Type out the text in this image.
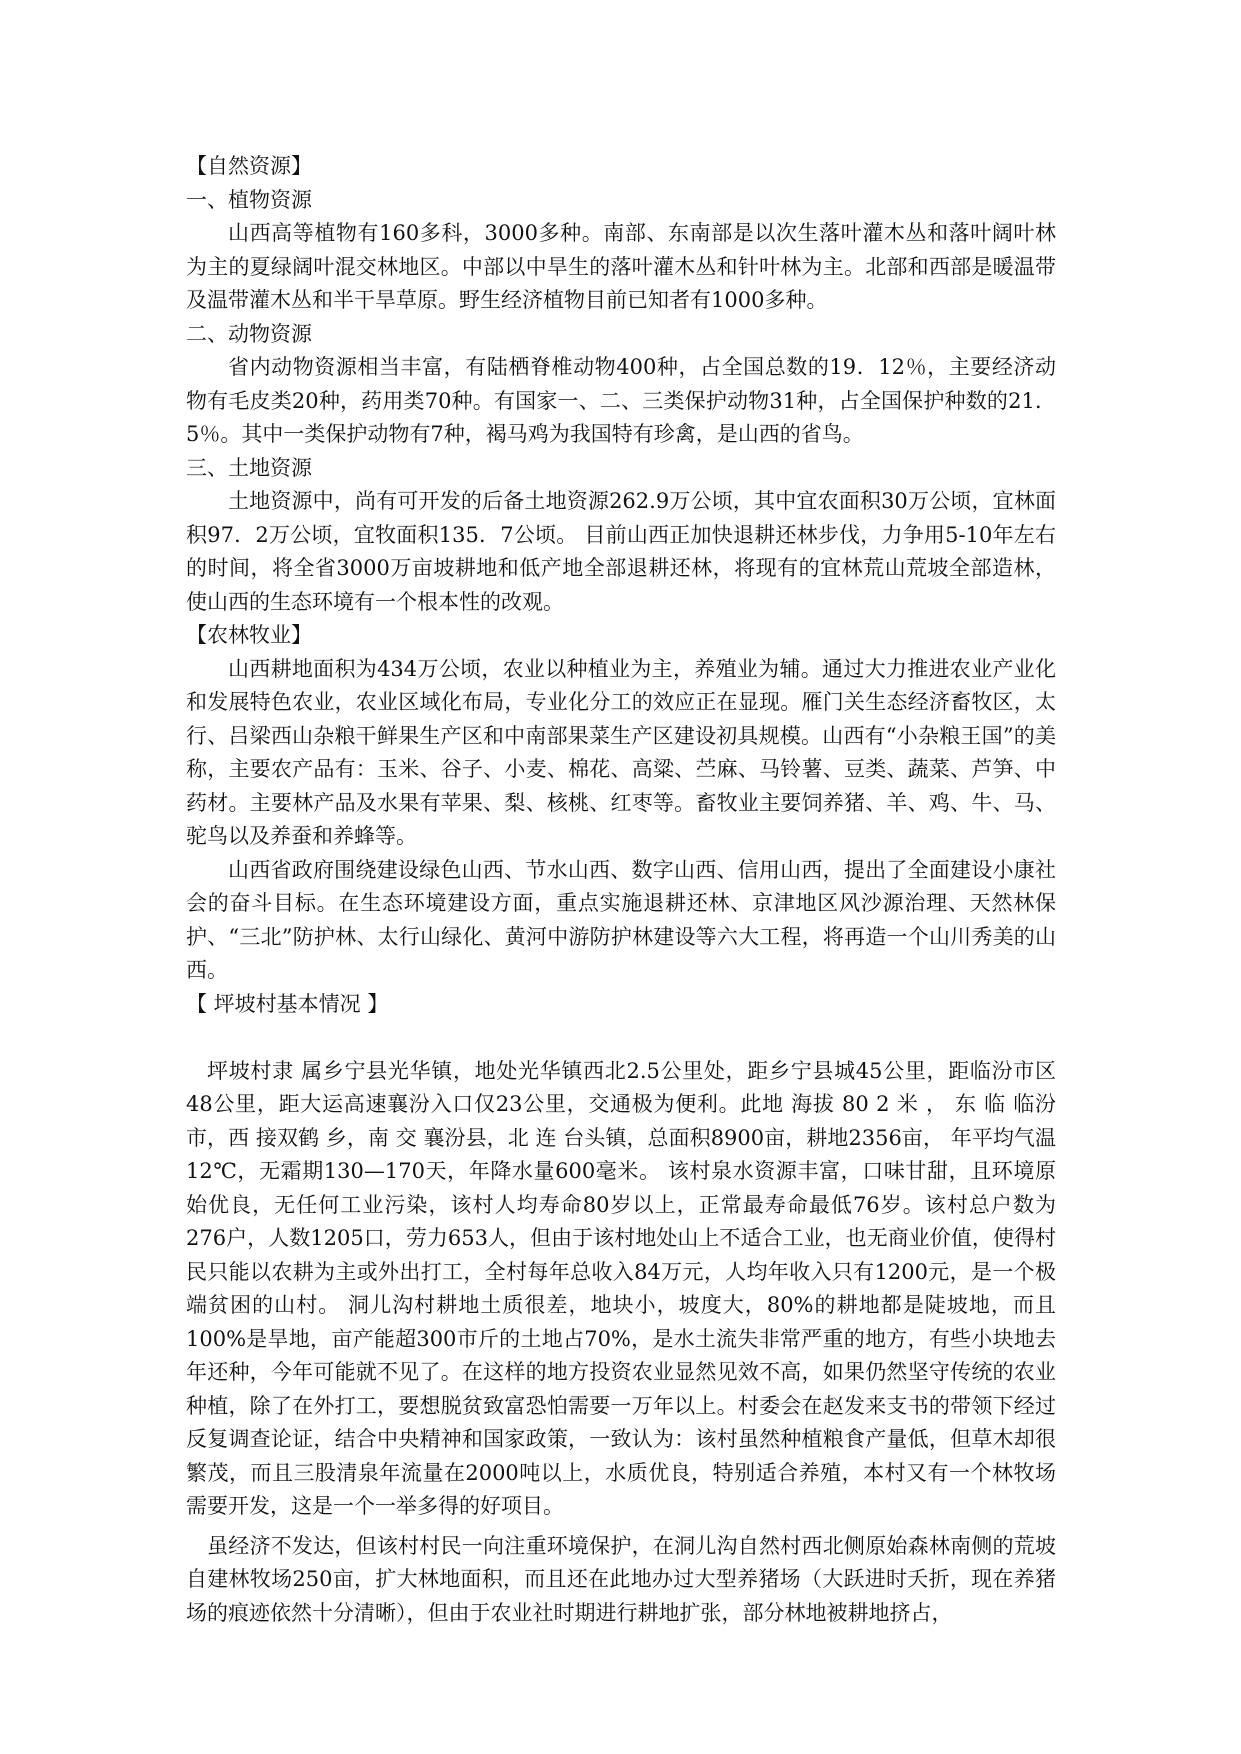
【自然资源】

一、植物资源

山西高等植物有160多科，3000多种。南部、东南部是以次生落叶灌木丛和落叶阔叶林为主的夏绿阔叶混交林地区。中部以中旱生的落叶灌木丛和针叶林为主。北部和西部是暖温带及温带灌木丛和半干旱草原。野生经济植物目前已知者有1000多种。

二、动物资源

省内动物资源相当丰富，有陆栖脊椎动物400种，占全国总数的19．12％，主要经济动物有毛皮类20种，药用类70种。有国家一、二、三类保护动物31种，占全国保护种数的21．5％。其中一类保护动物有7种，褐马鸡为我国特有珍禽，是山西的省鸟。

三、土地资源

土地资源中，尚有可开发的后备土地资源262.9万公顷，其中宜农面积30万公顷，宜林面积97．2万公顷，宜牧面积135．7公顷。 目前山西正加快退耕还林步伐，力争用5-10年左右的时间，将全省3000万亩坡耕地和低产地全部退耕还林，将现有的宜林荒山荒坡全部造林，使山西的生态环境有一个根本性的改观。

【农林牧业】

山西耕地面积为434万公顷，农业以种植业为主，养殖业为辅。通过大力推进农业产业化和发展特色农业，农业区域化布局，专业化分工的效应正在显现。雁门关生态经济畜牧区，太行、吕梁西山杂粮干鲜果生产区和中南部果菜生产区建设初具规模。山西有“小杂粮王国”的美称，主要农产品有：玉米、谷子、小麦、棉花、高粱、苎麻、马铃薯、豆类、蔬菜、芦笋、中药材。主要林产品及水果有苹果、梨、核桃、红枣等。畜牧业主要饲养猪、羊、鸡、牛、马、驼鸟以及养蚕和养蜂等。

山西省政府围绕建设绿色山西、节水山西、数字山西、信用山西，提出了全面建设小康社会的奋斗目标。在生态环境建设方面，重点实施退耕还林、京津地区风沙源治理、天然林保护、“三北”防护林、太行山绿化、黄河中游防护林建设等六大工程，将再造一个山川秀美的山西。

【 坪坡村基本情况 】

坪坡村隶 属乡宁县光华镇，地处光华镇西北2.5公里处，距乡宁县城45公里，距临汾市区48公里，距大运高速襄汾入口仅23公里，交通极为便利。此地 海拔 80 2 米 ， 东 临 临汾市，西 接双鹤 乡，南 交 襄汾县，北 连 台头镇，总面积8900亩，耕地2356亩， 年平均气温12℃，无霜期130—170天，年降水量600毫米。 该村泉水资源丰富，口味甘甜，且环境原始优良，无任何工业污染，该村人均寿命80岁以上，正常最寿命最低76岁。该村总户数为276户，人数1205口，劳力653人，但由于该村地处山上不适合工业，也无商业价值，使得村民只能以农耕为主或外出打工，全村每年总收入84万元，人均年收入只有1200元，是一个极端贫困的山村。 洞儿沟村耕地土质很差，地块小，坡度大，80%的耕地都是陡坡地，而且100%是旱地，亩产能超300市斤的土地占70%，是水土流失非常严重的地方，有些小块地去年还种，今年可能就不见了。在这样的地方投资农业显然见效不高，如果仍然坚守传统的农业种植，除了在外打工，要想脱贫致富恐怕需要一万年以上。村委会在赵发来支书的带领下经过反复调查论证，结合中央精神和国家政策，一致认为：该村虽然种植粮食产量低，但草木却很繁茂，而且三股清泉年流量在2000吨以上，水质优良，特别适合养殖，本村又有一个林牧场需要开发，这是一个一举多得的好项目。

虽经济不发达，但该村村民一向注重环境保护，在洞儿沟自然村西北侧原始森林南侧的荒坡自建林牧场250亩，扩大林地面积，而且还在此地办过大型养猪场（大跃进时夭折，现在养猪场的痕迹依然十分清晰），但由于农业社时期进行耕地扩张，部分林地被耕地挤占，
